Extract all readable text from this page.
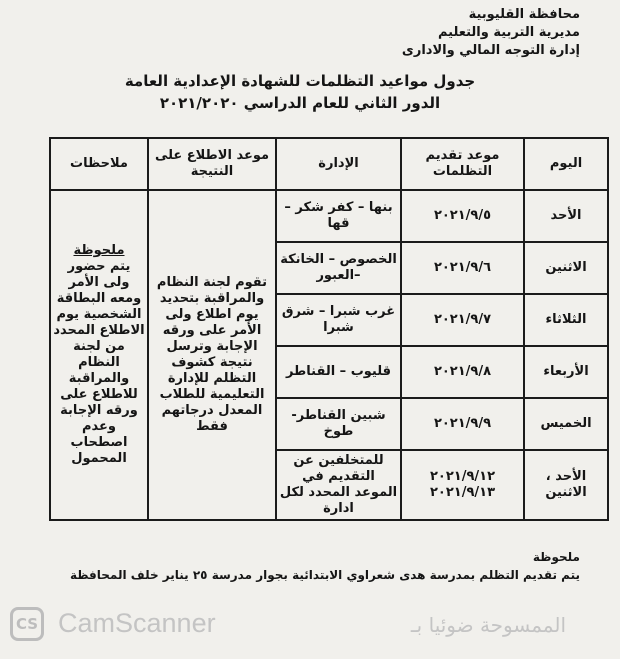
محافظة القليوبية
مديرية التربية والتعليم
إدارة التوجه المالي والادارى
جدول مواعيد التظلمات للشهادة الإعدادية العامة
الدور الثاني للعام الدراسي ٢٠٢١/٢٠٢٠
اليوم	موعد تقديم التظلمات	الإدارة	موعد الاطلاع على النتيجة	ملاحظات
الأحد	٢٠٢١/٩/٥	بنها – كفر شكر – قها	تقوم لجنة النظام والمراقبة بتحديد يوم اطلاع ولى الأمر على ورقه الإجابة وترسل نتيجة كشوف التظلم للإدارة التعليمية للطلاب المعدل درجاتهم فقط	ملحوظة
يتم حضور ولى الأمر ومعه البطاقة الشخصية يوم الاطلاع المحدد من لجنة النظام والمراقبة للاطلاع على ورقه الإجابة وعدم اصطحاب المحمول
الاثنين	٢٠٢١/٩/٦	الخصوص – الخانكة –العبور		
الثلاثاء	٢٠٢١/٩/٧	غرب شبرا – شرق شبرا		
الأربعاء	٢٠٢١/٩/٨	قليوب – القناطر		
الخميس	٢٠٢١/٩/٩	شبين القناطر- طوخ		
الأحد ، الاثنين	٢٠٢١/٩/١٢ ٢٠٢١/٩/١٣	للمتخلفين عن التقديم في الموعد المحدد لكل ادارة		
ملحوظة
يتم تقديم التظلم بمدرسة هدى شعراوي الابتدائية بجوار مدرسة ٢٥ يناير خلف المحافظة
CS CamScanner	الممسوحة ضوئيا بـ
